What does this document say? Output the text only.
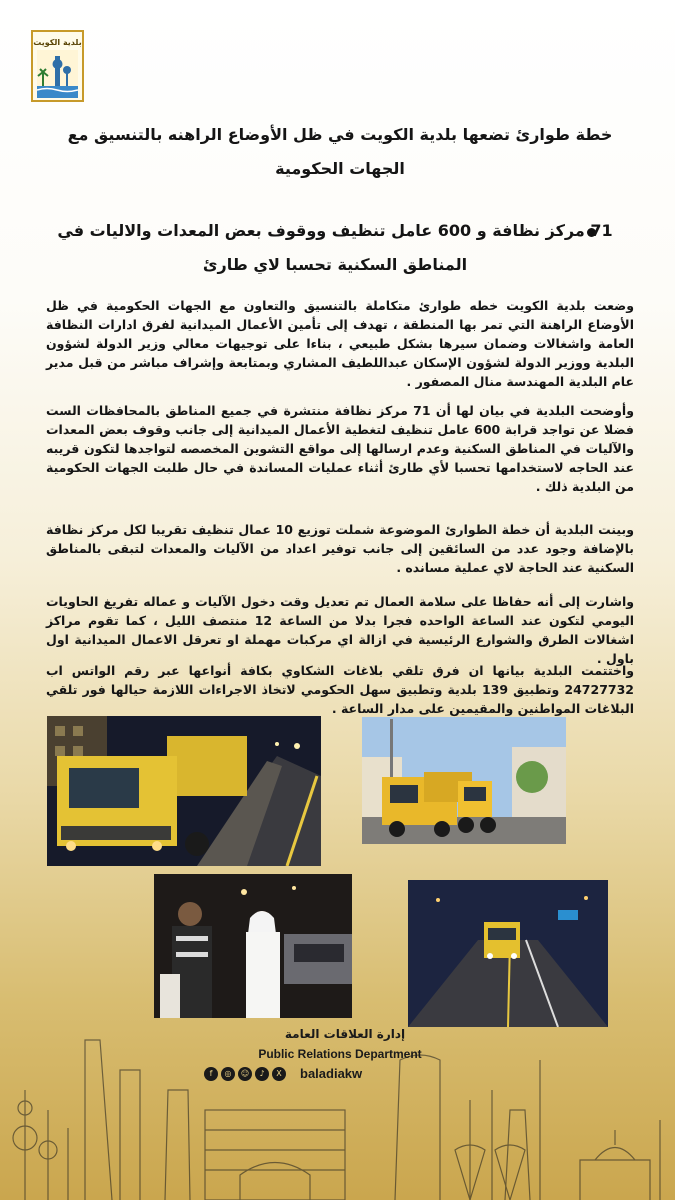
بلدية الكويت
خطة طوارئ تضعها بلدية الكويت في ظل الأوضاع الراهنه بالتنسيق مع الجهات الحكومية
71 مركز نظافة و 600 عامل تنظيف ووقوف بعض المعدات والاليات في المناطق السكنية تحسبا لاي طارئ
وضعت بلدية الكويت خطه طوارئ متكاملة بالتنسيق والتعاون مع الجهات الحكومية في ظل الأوضاع الراهنة التي تمر بها المنطقة ، تهدف إلى تأمين الأعمال الميدانية لفرق ادارات النظافة العامة واشغالات وضمان سيرها بشكل طبيعي ، بناءا على توجيهات معالي وزير الدولة لشؤون البلدية ووزير الدولة لشؤون الإسكان عبداللطيف المشاري وبمتابعة وإشراف مباشر من قبل مدير عام البلدية المهندسة منال المصفور .
وأوضحت البلدية في بيان لها أن 71 مركز نظافة منتشرة في جميع المناطق بالمحافظات الست فضلا عن تواجد قرابة 600 عامل تنظيف لتغطية الأعمال الميدانية إلى جانب وقوف بعض المعدات والآليات في المناطق السكنية وعدم ارسالها إلى مواقع التشوين المخصصه لتواجدها لتكون قريبه عند الحاجه لاستخدامها تحسبا لأي طارئ أثناء عمليات المساندة في حال طلبت الجهات الحكومية من البلدية ذلك .
وبينت البلدية أن خطة الطوارئ الموضوعة شملت توزيع 10 عمال تنظيف تقريبا لكل مركز نظافة بالإضافة وجود عدد من السائقين إلى جانب توفير اعداد من الآليات والمعدات لتبقى بالمناطق السكنية عند الحاجة لاي عملية مسانده .
واشارت إلى أنه حفاظا على سلامة العمال تم تعديل وقت دخول الآليات و عماله تفريغ الحاويات اليومي لتكون عند الساعة الواحده فجرا بدلا من الساعة 12 منتصف الليل ، كما تقوم مراكز اشغالات الطرق والشوارع الرئيسية في ازالة اي مركبات مهملة او تعرقل الاعمال الميدانية اول باول .
واختتمت البلدية بيانها ان فرق تلقي بلاغات الشكاوي بكافة أنواعها عبر رقم الواتس اب 24727732 وتطبيق 139 بلدية وتطبيق سهل الحكومي لاتخاذ الاجراءات اللازمة حيالها فور تلقي البلاغات المواطنين والمقيمين على مدار الساعة .
إدارة العلاقات العامة
Public Relations Department
f	◎	☺	♪	X	baladiakw
